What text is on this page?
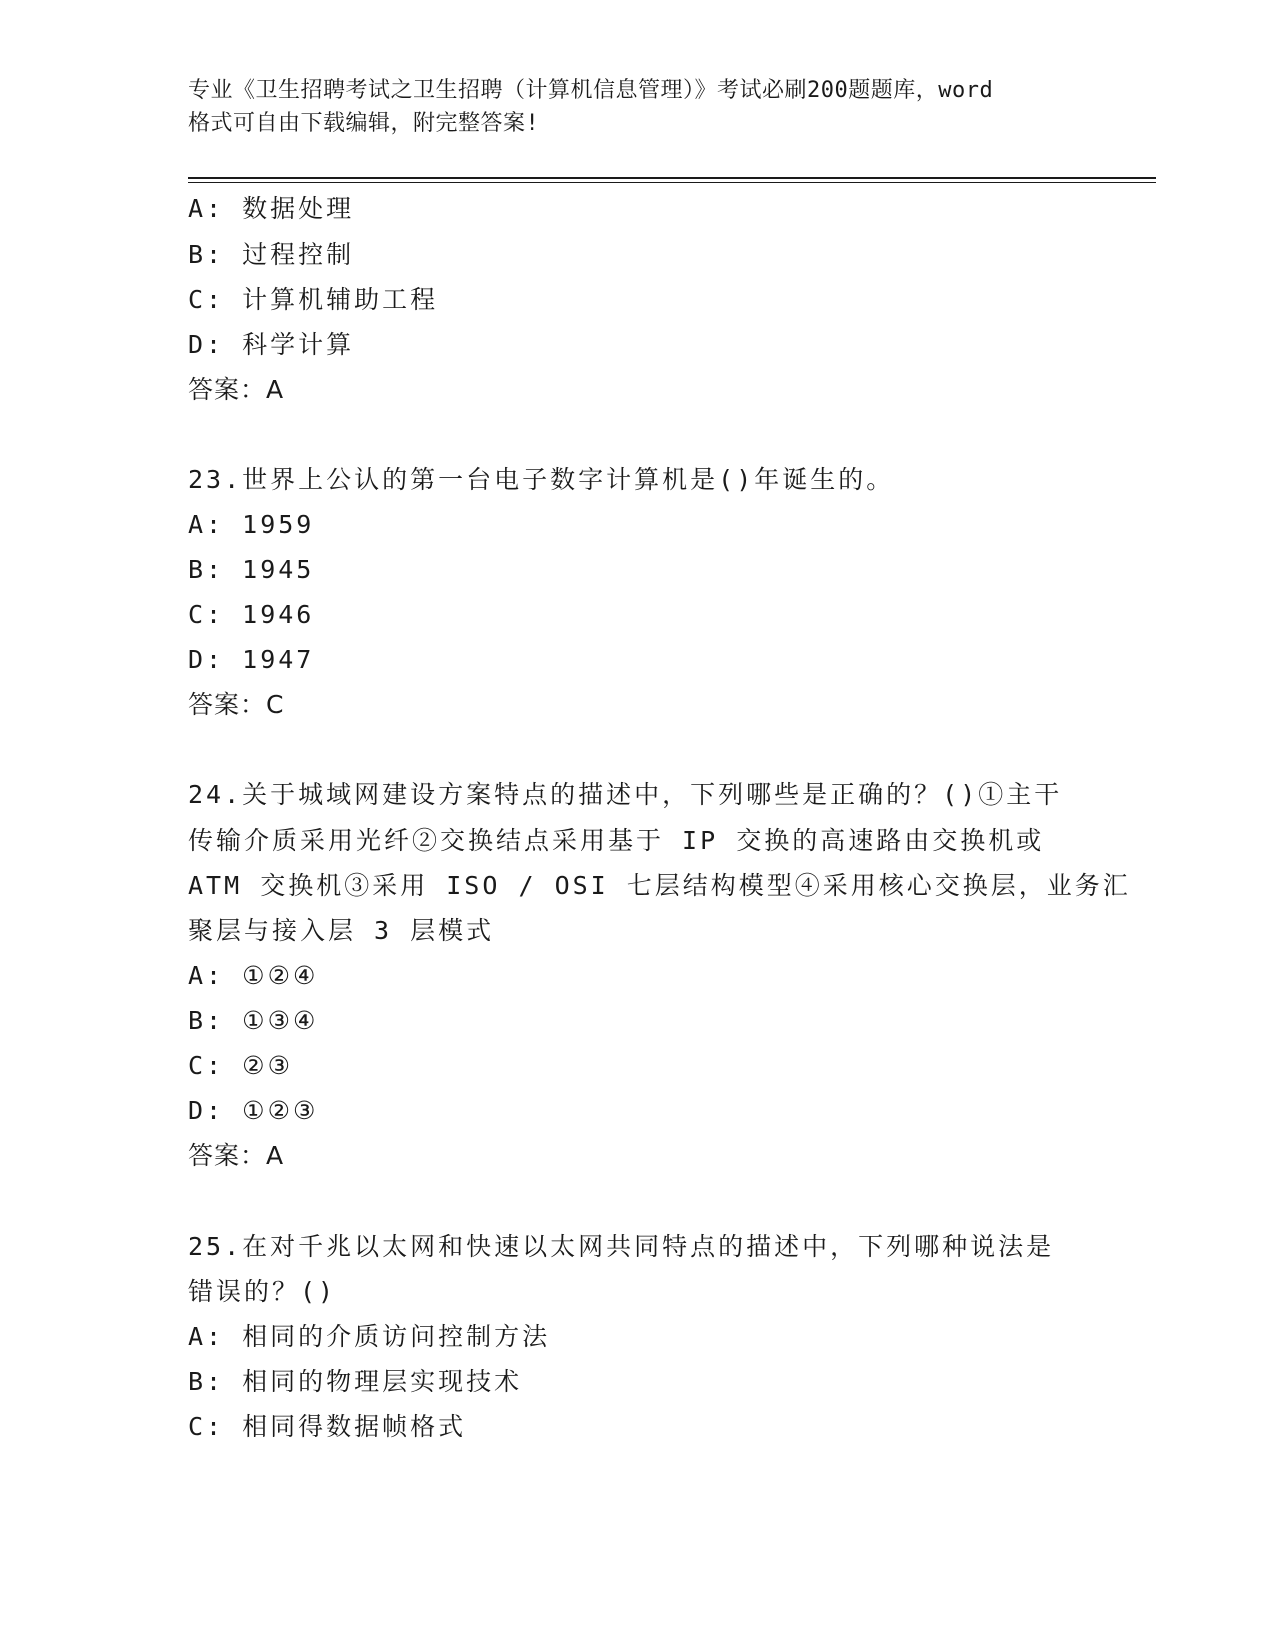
专业《卫生招聘考试之卫生招聘（计算机信息管理）》考试必刷200题题库，word
格式可自由下载编辑，附完整答案!
A: 数据处理
B: 过程控制
C: 计算机辅助工程
D: 科学计算
答案：A
23.世界上公认的第一台电子数字计算机是()年诞生的。
A: 1959
B: 1945
C: 1946
D: 1947
答案：C
24.关于城域网建设方案特点的描述中，下列哪些是正确的？()①主干
传输介质采用光纤②交换结点采用基于 IP 交换的高速路由交换机或
ATM 交换机③采用 ISO / OSI 七层结构模型④采用核心交换层，业务汇
聚层与接入层 3 层模式
A: ①②④
B: ①③④
C: ②③
D: ①②③
答案：A
25.在对千兆以太网和快速以太网共同特点的描述中，下列哪种说法是
错误的？()
A: 相同的介质访问控制方法
B: 相同的物理层实现技术
C: 相同得数据帧格式
